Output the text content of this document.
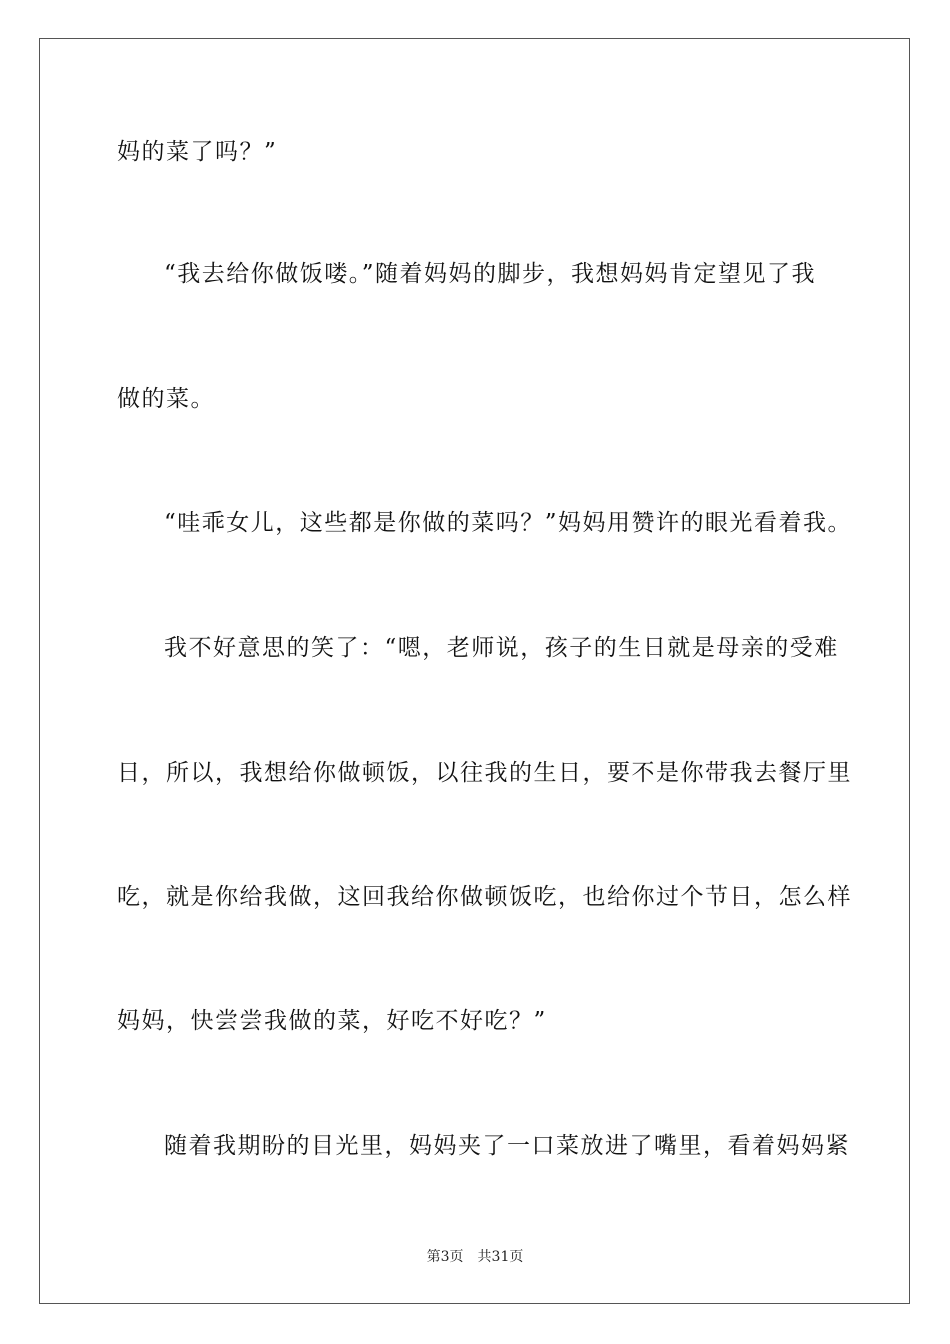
妈的菜了吗？”
“我去给你做饭喽。”随着妈妈的脚步，我想妈妈肯定望见了我
做的菜。
“哇乖女儿，这些都是你做的菜吗？”妈妈用赞许的眼光看着我。
我不好意思的笑了：“嗯，老师说，孩子的生日就是母亲的受难
日，所以，我想给你做顿饭，以往我的生日，要不是你带我去餐厅里
吃，就是你给我做，这回我给你做顿饭吃，也给你过个节日，怎么样
妈妈，快尝尝我做的菜，好吃不好吃？”
随着我期盼的目光里，妈妈夹了一口菜放进了嘴里，看着妈妈紧
第3页 共31页
